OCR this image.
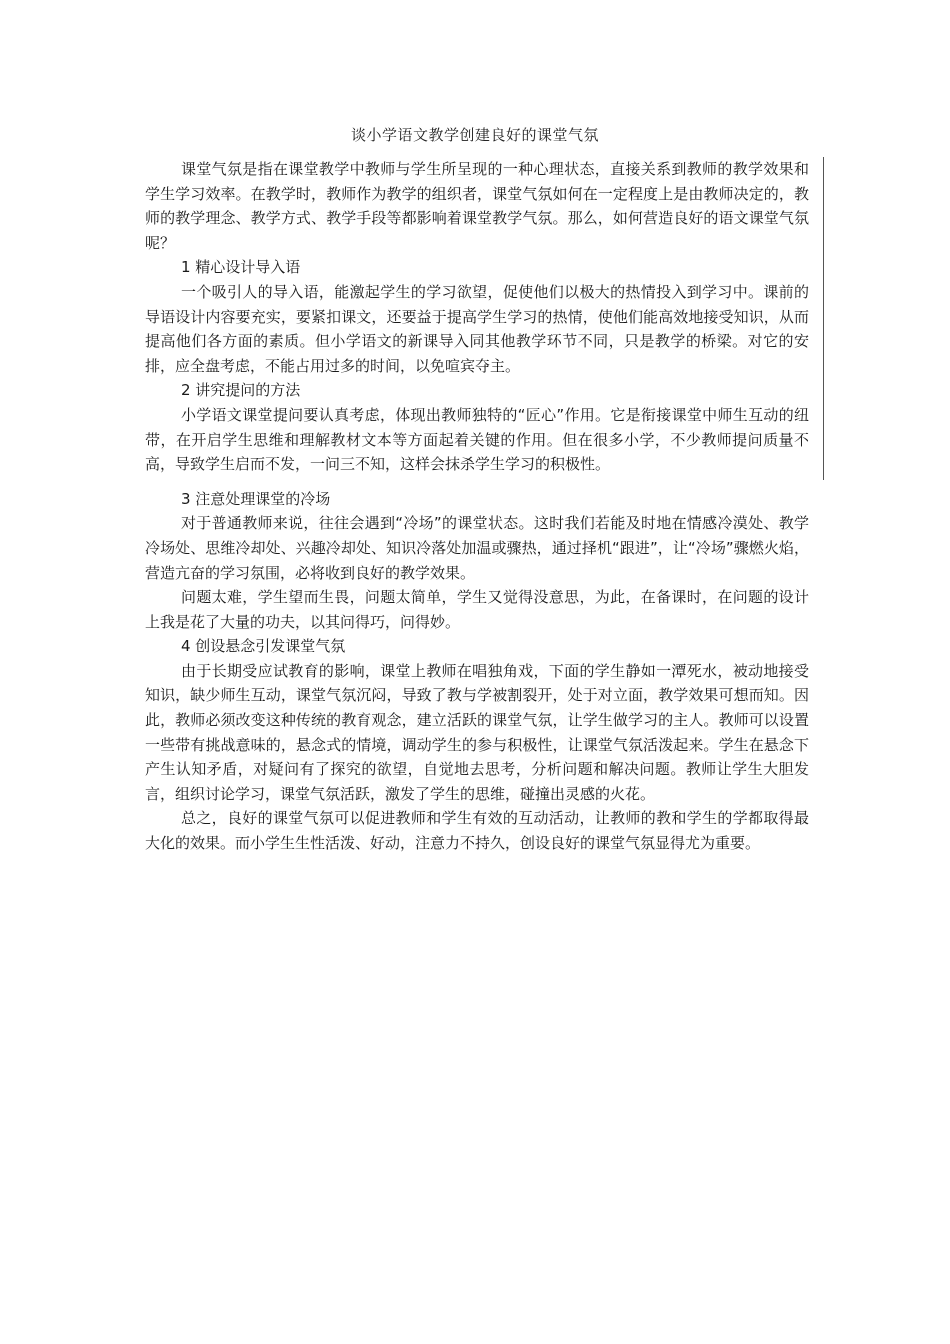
谈小学语文教学创建良好的课堂气氛

课堂气氛是指在课堂教学中教师与学生所呈现的一种心理状态，直接关系到教师的教学效果和学生学习效率。在教学时，教师作为教学的组织者，课堂气氛如何在一定程度上是由教师决定的，教师的教学理念、教学方式、教学手段等都影响着课堂教学气氛。那么，如何营造良好的语文课堂气氛呢？

1 精心设计导入语

一个吸引人的导入语，能激起学生的学习欲望，促使他们以极大的热情投入到学习中。课前的导语设计内容要充实，要紧扣课文，还要益于提高学生学习的热情，使他们能高效地接受知识，从而提高他们各方面的素质。但小学语文的新课导入同其他教学环节不同，只是教学的桥梁。对它的安排，应全盘考虑，不能占用过多的时间，以免喧宾夺主。

2 讲究提问的方法

小学语文课堂提问要认真考虑，体现出教师独特的“匠心”作用。它是衔接课堂中师生互动的纽带，在开启学生思维和理解教材文本等方面起着关键的作用。但在很多小学，不少教师提问质量不高，导致学生启而不发，一问三不知，这样会抹杀学生学习的积极性。

3 注意处理课堂的冷场

对于普通教师来说，往往会遇到“冷场”的课堂状态。这时我们若能及时地在情感冷漠处、教学冷场处、思维冷却处、兴趣冷却处、知识冷落处加温或骤热，通过择机“跟进”，让“冷场”骤燃火焰，营造亢奋的学习氛围，必将收到良好的教学效果。

问题太难，学生望而生畏，问题太简单，学生又觉得没意思，为此，在备课时，在问题的设计上我是花了大量的功夫，以其问得巧，问得妙。

4 创设悬念引发课堂气氛

由于长期受应试教育的影响，课堂上教师在唱独角戏，下面的学生静如一潭死水，被动地接受知识，缺少师生互动，课堂气氛沉闷，导致了教与学被割裂开，处于对立面，教学效果可想而知。因此，教师必须改变这种传统的教育观念，建立活跃的课堂气氛，让学生做学习的主人。教师可以设置一些带有挑战意味的，悬念式的情境，调动学生的参与积极性，让课堂气氛活泼起来。学生在悬念下产生认知矛盾，对疑问有了探究的欲望，自觉地去思考，分析问题和解决问题。教师让学生大胆发言，组织讨论学习，课堂气氛活跃，激发了学生的思维，碰撞出灵感的火花。

总之，良好的课堂气氛可以促进教师和学生有效的互动活动，让教师的教和学生的学都取得最大化的效果。而小学生生性活泼、好动，注意力不持久，创设良好的课堂气氛显得尤为重要。
